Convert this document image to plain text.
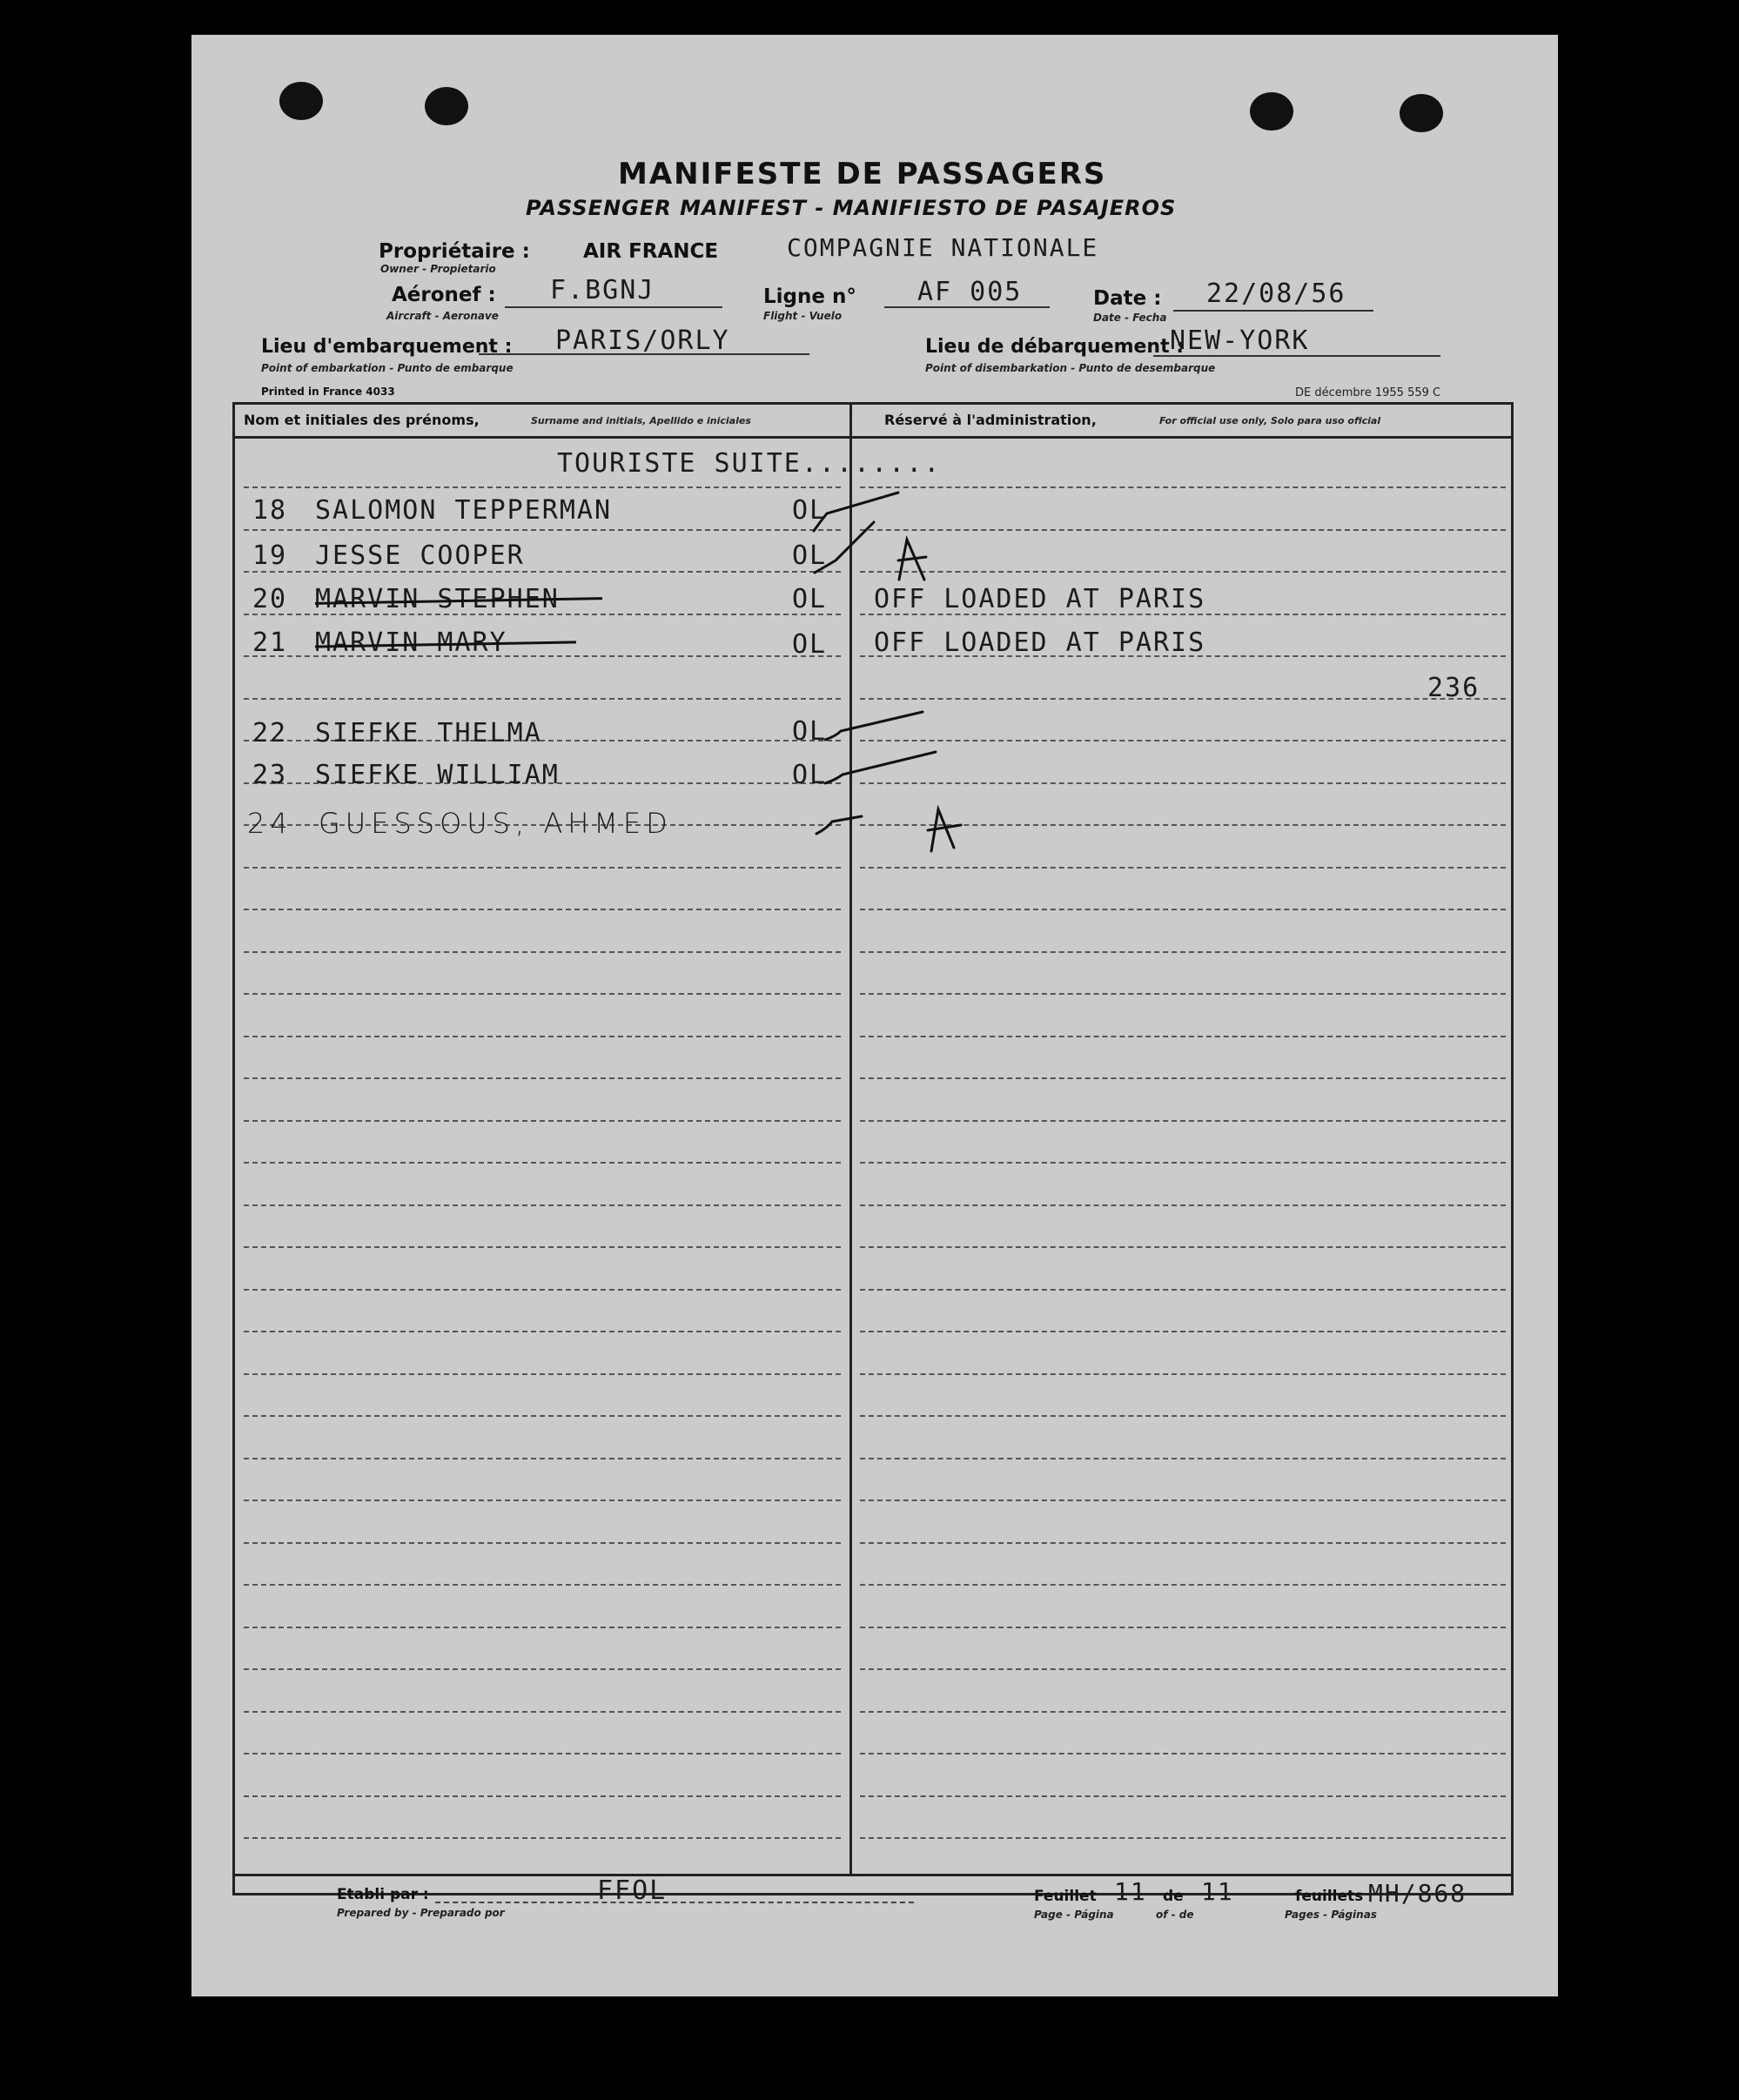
MANIFESTE DE PASSAGERS
PASSENGER MANIFEST - MANIFIESTO DE PASAJEROS
Propriétaire :
Owner - Propietario
AIR FRANCE	COMPAGNIE NATIONALE
Aéronef :
Aircraft - Aeronave
F.BGNJ	Ligne n°
Flight - Vuelo
AF 005	Date :
Date - Fecha
22/08/56
Lieu d'embarquement :
Point of embarkation - Punto de embarque
PARIS/ORLY	Lieu de débarquement :
Point of disembarkation - Punto de desembarque
NEW-YORK
Printed in France 4033	DE décembre 1955 559 C
Nom et initiales des prénoms,	Surname and initials, Apellido e iniciales	Réservé à l'administration,	For official use only, Solo para uso oficial
TOURISTE SUITE........
18 SALOMON TEPPERMAN	OL
19 JESSE COOPER	OL
20 MARVIN STEPHEN	OL OFF LOADED AT PARIS
21 MARVIN MARY	OL OFF LOADED AT PARIS
236
22 SIEFKE THELMA	OL
23 SIEFKE WILLIAM	OL
24 GUESSOUS, AHMED
Etabli par :
Prepared by - Preparado por
FFOL	Feuillet
Page - Página
11 de
of - de
11	feuillets
Pages - Páginas
MH/868
